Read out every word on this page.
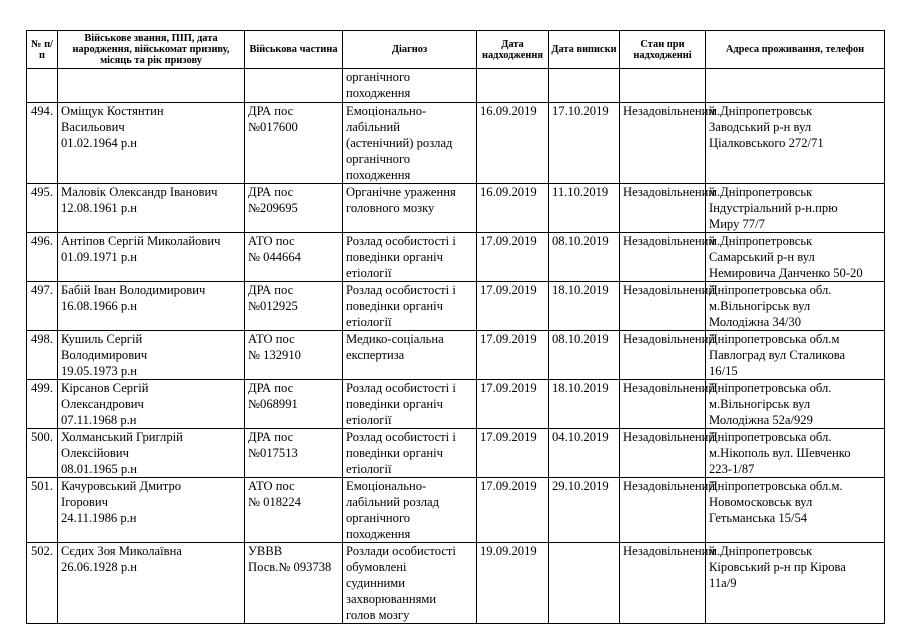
№ п/п	Військове звання, ПІП, дата народження, військомат призиву, місяць та рік призову	Військова частина	Діагноз	Дата надходження	Дата виписки	Стан при надходженні	Адреса проживання, телефон

			органічного
походження				

494.	Оміщук Костянтин
Васильович
01.02.1964 р.н	ДРА пос
№017600	Емоціонально-
лабільний
(астенічний) розлад
органічного
походження	16.09.2019	17.10.2019	Незадовільнений	м.Дніпропетровськ
Заводський р-н вул
Ціалковського 272/71

495.	Маловік Олександр Іванович
12.08.1961 р.н	ДРА пос
№209695	Органічне ураження
головного мозку	16.09.2019	11.10.2019	Незадовільнений	м.Дніпропетровськ
Індустріальний р-н.прю
Миру 77/7

496.	Антіпов Сергій Миколайович
01.09.1971 р.н	АТО пос
№ 044664	Розлад особистості і
поведінки органіч
етіології	17.09.2019	08.10.2019	Незадовільнений	м.Дніпропетровськ
Самарський р-н вул
Немировича Данченко 50-20

497.	Бабій Іван Володимирович
16.08.1966 р.н	ДРА пос
№012925	Розлад особистості і
поведінки органіч
етіології	17.09.2019	18.10.2019	Незадовільнений	Дніпропетровська обл.
м.Вільногірськ вул
Молодіжна 34/30

498.	Кушиль Сергій
Володимирович
19.05.1973 р.н	АТО пос
№ 132910	Медико-соціальна
експертиза	17.09.2019	08.10.2019	Незадовільнений	Дніпропетровська обл.м
Павлоград вул Сталикова
16/15

499.	Кірсанов Сергій
Олександрович
07.11.1968 р.н	ДРА пос
№068991	Розлад особистості і
поведінки органіч
етіології	17.09.2019	18.10.2019	Незадовільнений	Дніпропетровська обл.
м.Вільногірськ вул
Молодіжна 52а/929

500.	Холманський Григлрій
Олексійович
08.01.1965 р.н	ДРА пос
№017513	Розлад особистості і
поведінки органіч
етіології	17.09.2019	04.10.2019	Незадовільнений	Дніпропетровська обл.
м.Нікополь вул. Шевченко
223-1/87

501.	Качуровський Дмитро
Ігорович
24.11.1986 р.н	АТО пос
№ 018224	Емоціонально-
лабільний розлад
органічного
походження	17.09.2019	29.10.2019	Незадовільнений	Дніпропетровська обл.м.
Новомосковськ вул
Гетьманська 15/54

502.	Сєдих Зоя Миколаївна
26.06.1928 р.н	УВВВ
Посв.№ 093738	Розлади особистості
обумовлені
судинними
захворюваннями
голов мозгу	19.09.2019		Незадовільнений	м.Дніпропетровськ
Кіровський р-н пр Кірова
11а/9
